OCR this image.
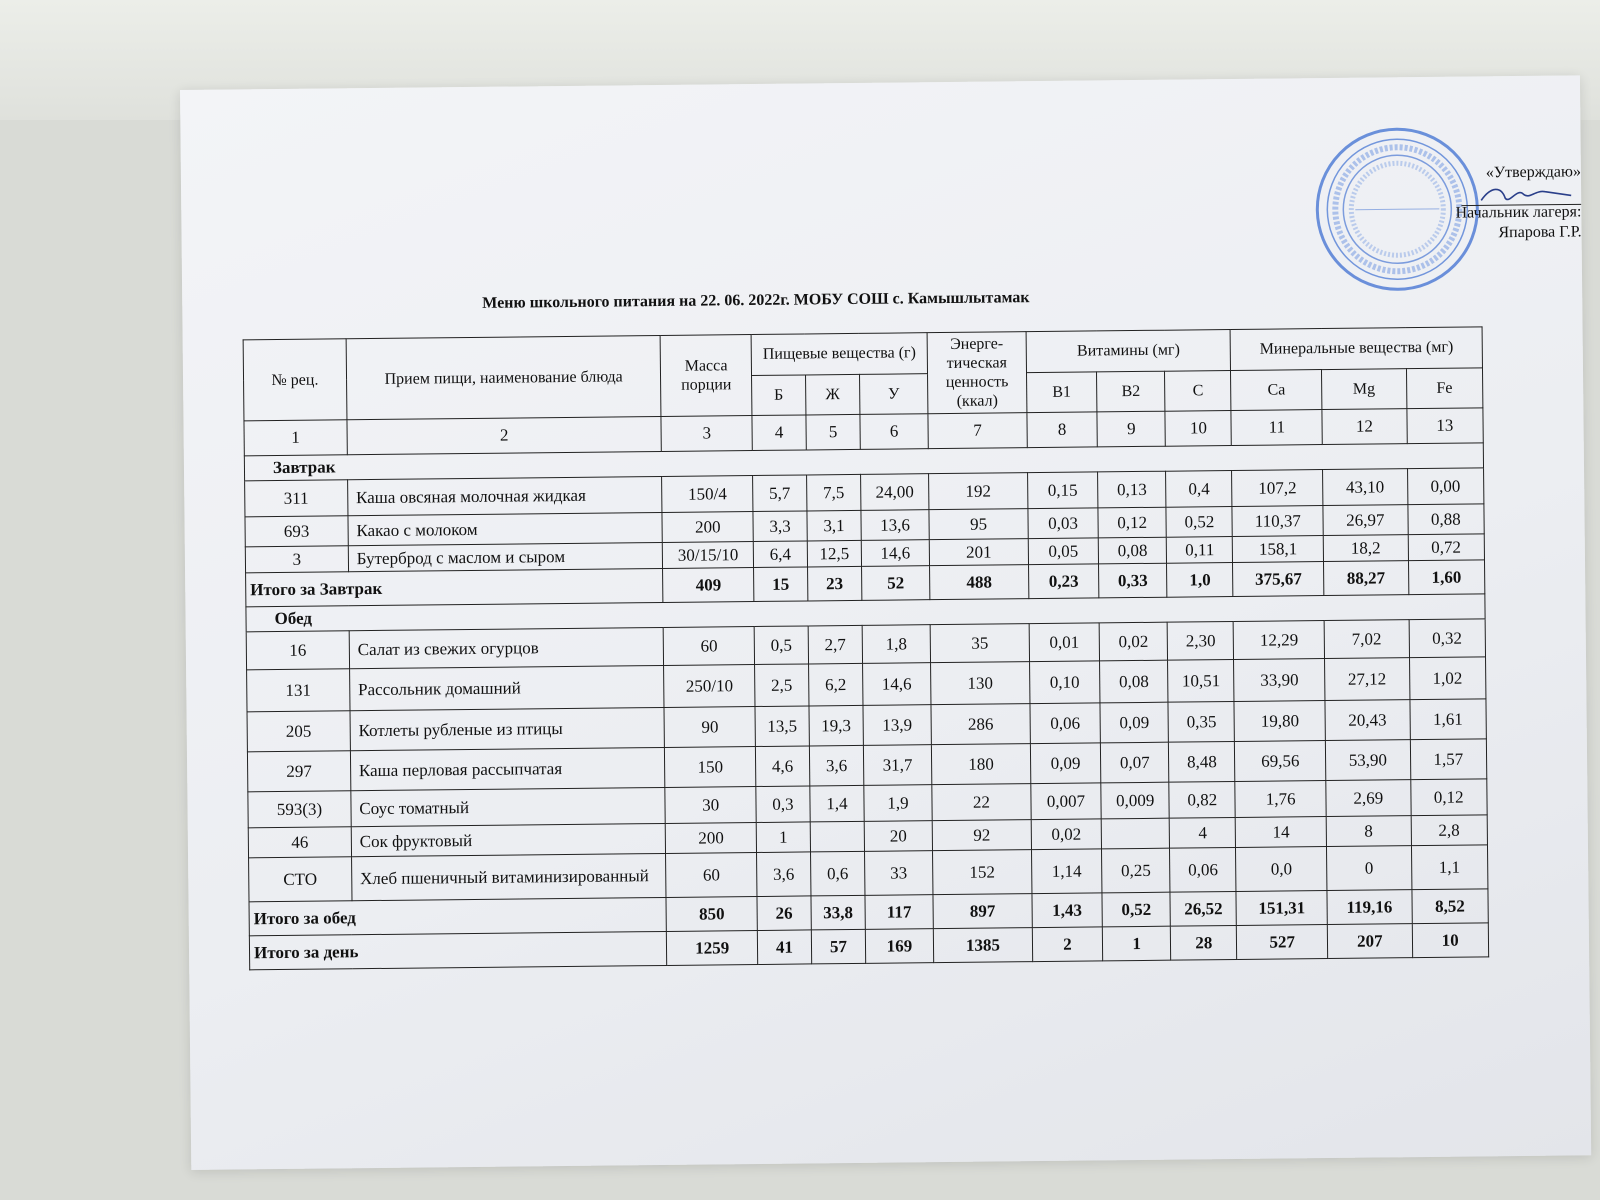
«Утверждаю»
Начальник лагеря:
Япарова Г.Р.
Меню школьного питания на 22. 06. 2022г. МОБУ СОШ с. Камышлытамак
№ рец.	Прием пищи, наименование блюда	Масса порции	Пищевые вещества (г)			Энерге-тическая ценность (ккал)	Витамины (мг)			Минеральные вещества (мг)		
			Б	Ж	У		В1	В2	С	Ca	Mg	Fe
1	2	3	4	5	6	7	8	9	10	11	12	13
Завтрак												
311	Каша овсяная молочная жидкая	150/4	5,7	7,5	24,00	192	0,15	0,13	0,4	107,2	43,10	0,00
693	Какао с молоком	200	3,3	3,1	13,6	95	0,03	0,12	0,52	110,37	26,97	0,88
3	Бутерброд с маслом и сыром	30/15/10	6,4	12,5	14,6	201	0,05	0,08	0,11	158,1	18,2	0,72
Итого за Завтрак		409	15	23	52	488	0,23	0,33	1,0	375,67	88,27	1,60
Обед												
16	Салат из свежих огурцов	60	0,5	2,7	1,8	35	0,01	0,02	2,30	12,29	7,02	0,32
131	Рассольник домашний	250/10	2,5	6,2	14,6	130	0,10	0,08	10,51	33,90	27,12	1,02
205	Котлеты рубленые из птицы	90	13,5	19,3	13,9	286	0,06	0,09	0,35	19,80	20,43	1,61
297	Каша перловая рассыпчатая	150	4,6	3,6	31,7	180	0,09	0,07	8,48	69,56	53,90	1,57
593(3)	Соус томатный	30	0,3	1,4	1,9	22	0,007	0,009	0,82	1,76	2,69	0,12
46	Сок фруктовый	200	1		20	92	0,02		4	14	8	2,8
СТО	Хлеб пшеничный витаминизированный	60	3,6	0,6	33	152	1,14	0,25	0,06	0,0	0	1,1
Итого за обед		850	26	33,8	117	897	1,43	0,52	26,52	151,31	119,16	8,52
Итого за день		1259	41	57	169	1385	2	1	28	527	207	10
